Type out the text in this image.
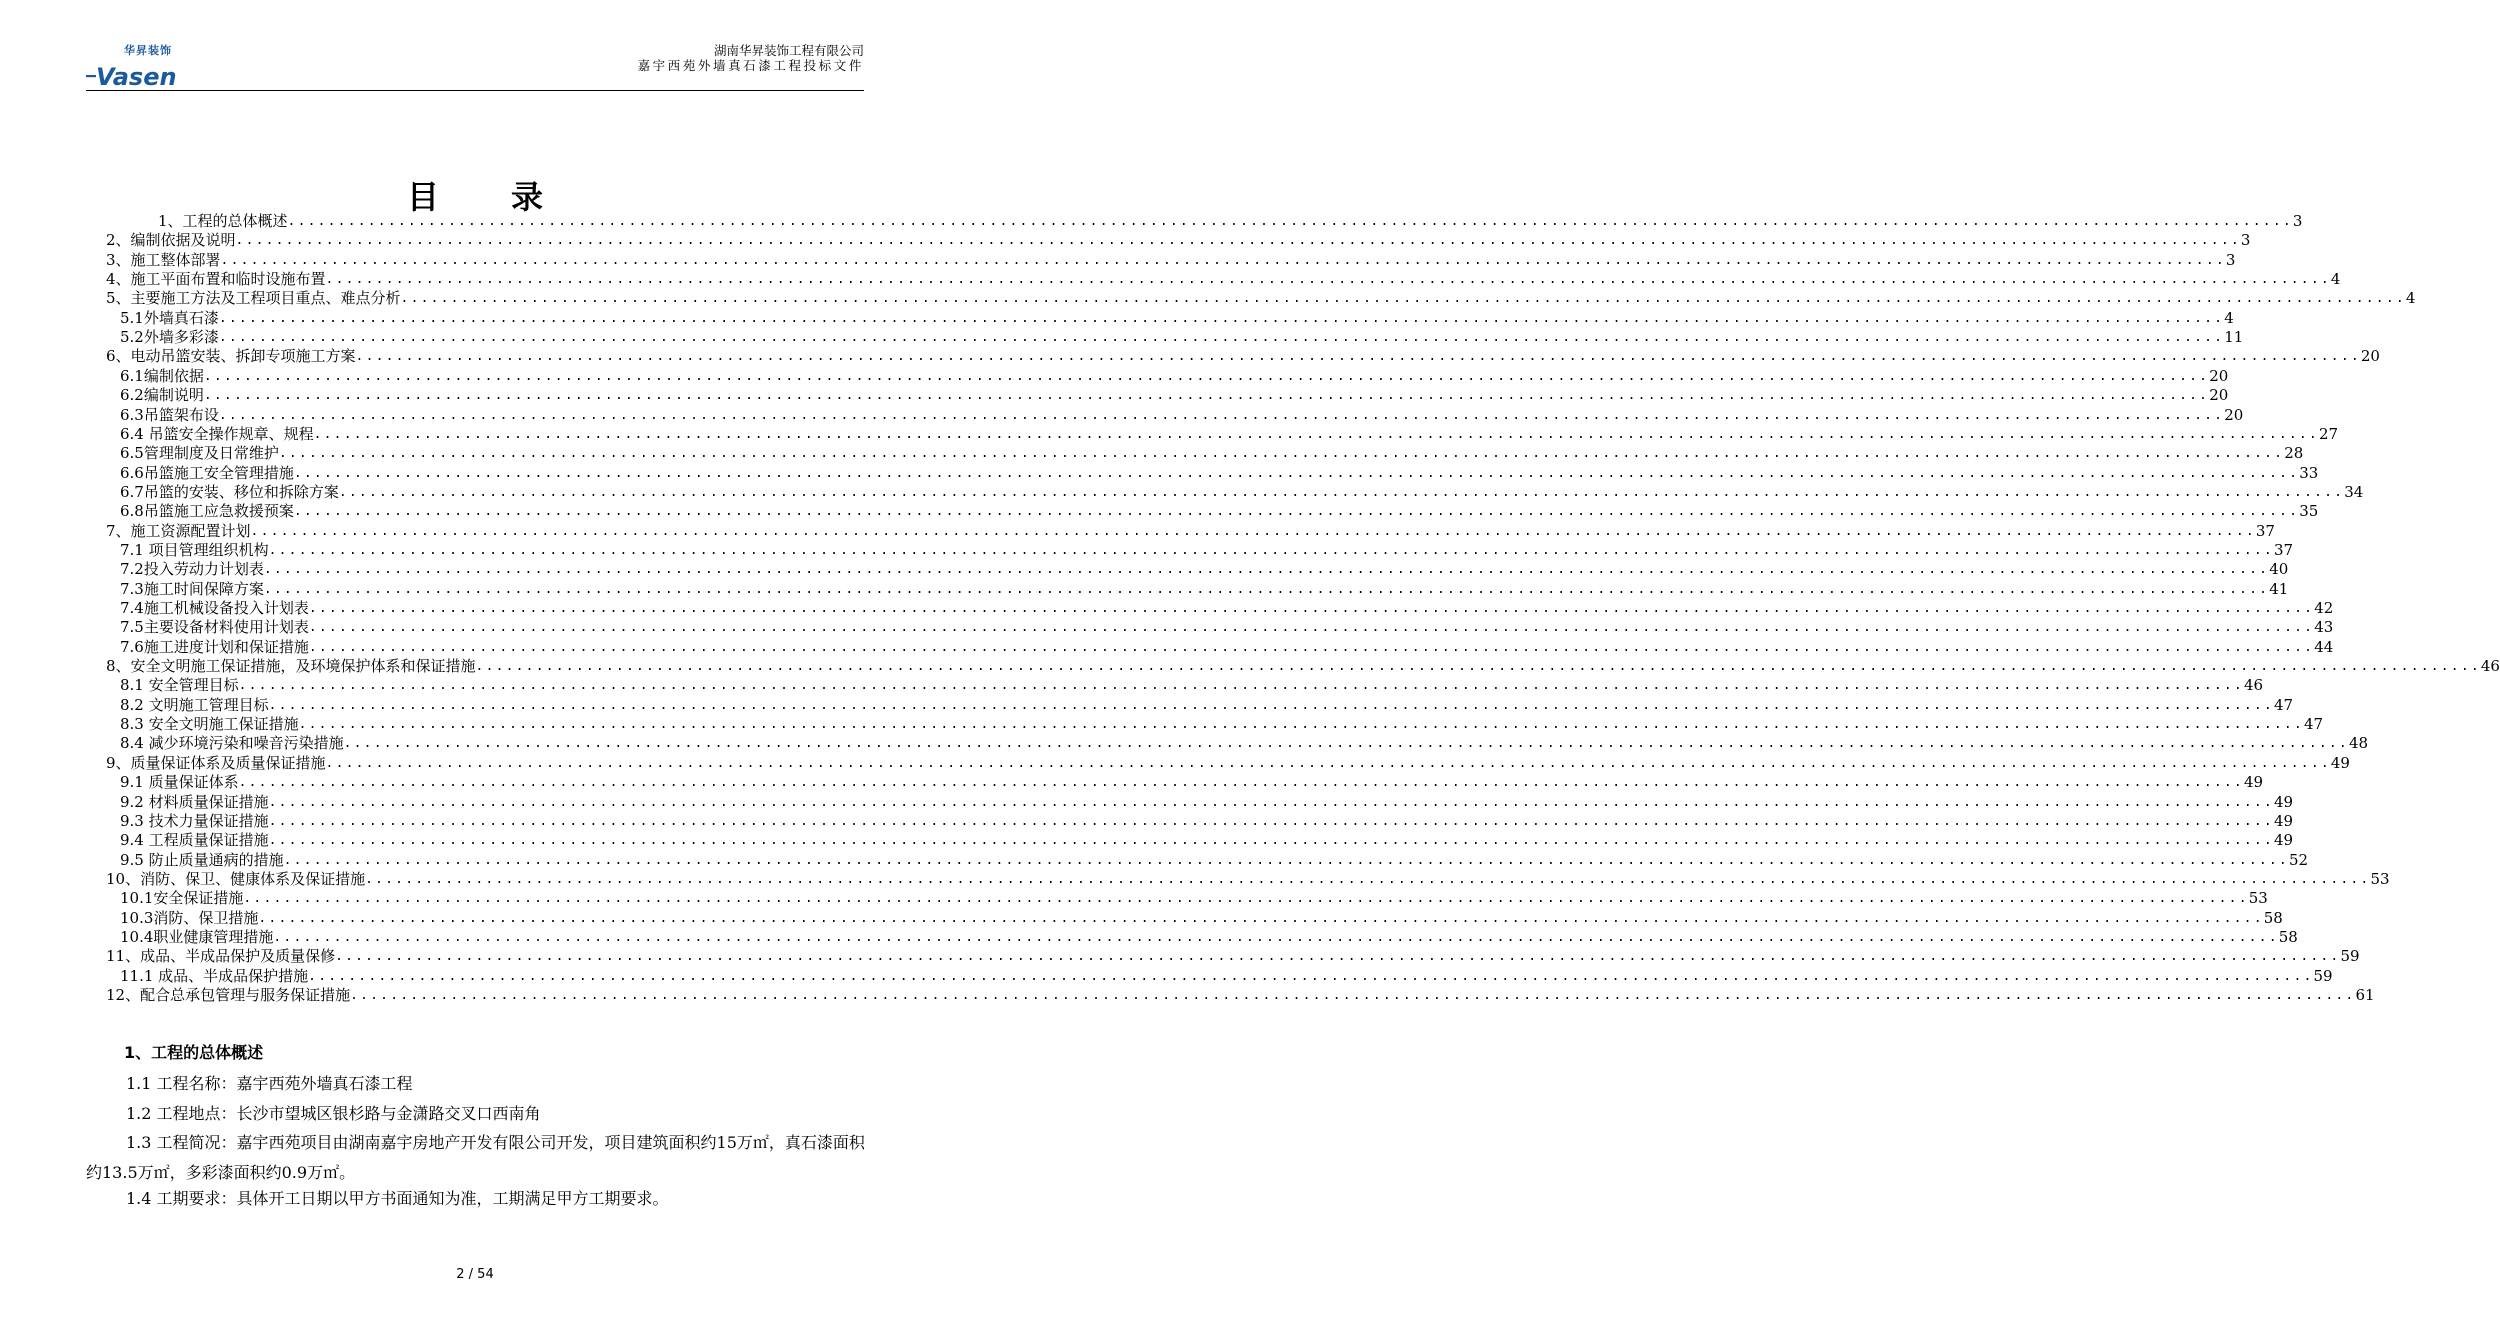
华昇装饰
Vasen
湖南华昇装饰工程有限公司
嘉宇西苑外墙真石漆工程投标文件
目 录
1、工程的总体概述 ........................................................................................................................................................................................................ 3
2、编制依据及说明 ........................................................................................................................................................................................................ 3
3、施工整体部署 ........................................................................................................................................................................................................ 3
4、施工平面布置和临时设施布置 ........................................................................................................................................................................................................ 4
5、主要施工方法及工程项目重点、难点分析 ........................................................................................................................................................................................................ 4
5.1外墙真石漆 ........................................................................................................................................................................................................ 4
5.2外墙多彩漆 ........................................................................................................................................................................................................ 11
6、电动吊篮安装、拆卸专项施工方案 ........................................................................................................................................................................................................ 20
6.1编制依据 ........................................................................................................................................................................................................ 20
6.2编制说明 ........................................................................................................................................................................................................ 20
6.3吊篮架布设 ........................................................................................................................................................................................................ 20
6.4 吊篮安全操作规章、规程 ........................................................................................................................................................................................................ 27
6.5管理制度及日常维护 ........................................................................................................................................................................................................ 28
6.6吊篮施工安全管理措施 ........................................................................................................................................................................................................ 33
6.7吊篮的安装、移位和拆除方案 ........................................................................................................................................................................................................ 34
6.8吊篮施工应急救援预案 ........................................................................................................................................................................................................ 35
7、施工资源配置计划 ........................................................................................................................................................................................................ 37
7.1 项目管理组织机构 ........................................................................................................................................................................................................ 37
7.2投入劳动力计划表 ........................................................................................................................................................................................................ 40
7.3施工时间保障方案 ........................................................................................................................................................................................................ 41
7.4施工机械设备投入计划表 ........................................................................................................................................................................................................ 42
7.5主要设备材料使用计划表 ........................................................................................................................................................................................................ 43
7.6施工进度计划和保证措施 ........................................................................................................................................................................................................ 44
8、安全文明施工保证措施，及环境保护体系和保证措施 ........................................................................................................................................................................................................ 46
8.1 安全管理目标 ........................................................................................................................................................................................................ 46
8.2 文明施工管理目标 ........................................................................................................................................................................................................ 47
8.3 安全文明施工保证措施 ........................................................................................................................................................................................................ 47
8.4 减少环境污染和噪音污染措施 ........................................................................................................................................................................................................ 48
9、质量保证体系及质量保证措施 ........................................................................................................................................................................................................ 49
9.1 质量保证体系 ........................................................................................................................................................................................................ 49
9.2 材料质量保证措施 ........................................................................................................................................................................................................ 49
9.3 技术力量保证措施 ........................................................................................................................................................................................................ 49
9.4 工程质量保证措施 ........................................................................................................................................................................................................ 49
9.5 防止质量通病的措施 ........................................................................................................................................................................................................ 52
10、消防、保卫、健康体系及保证措施 ........................................................................................................................................................................................................ 53
10.1安全保证措施 ........................................................................................................................................................................................................ 53
10.3消防、保卫措施 ........................................................................................................................................................................................................ 58
10.4职业健康管理措施 ........................................................................................................................................................................................................ 58
11、成品、半成品保护及质量保修 ........................................................................................................................................................................................................ 59
11.1 成品、半成品保护措施 ........................................................................................................................................................................................................ 59
12、配合总承包管理与服务保证措施 ........................................................................................................................................................................................................ 61
1、工程的总体概述
1.1 工程名称：嘉宇西苑外墙真石漆工程
1.2 工程地点：长沙市望城区银杉路与金潇路交叉口西南角
1.3 工程简况：嘉宇西苑项目由湖南嘉宇房地产开发有限公司开发，项目建筑面积约15万㎡，真石漆面积约13.5万㎡，多彩漆面积约0.9万㎡。
1.4 工期要求：具体开工日期以甲方书面通知为准，工期满足甲方工期要求。
2 / 54
